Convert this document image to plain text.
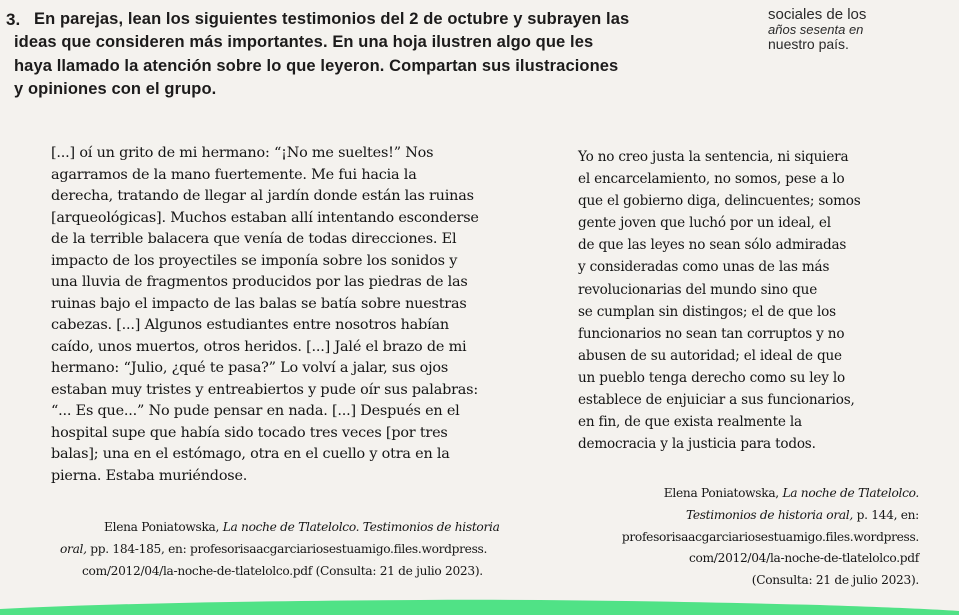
3. En parejas, lean los siguientes testimonios del 2 de octubre y subrayen las
ideas que consideren más importantes. En una hoja ilustren algo que les
haya llamado la atención sobre lo que leyeron. Compartan sus ilustraciones
y opiniones con el grupo.
sociales de los
años sesenta en
nuestro país.
[...] oí un grito de mi hermano: “¡No me sueltes!” Nos
agarramos de la mano fuertemente. Me fui hacia la
derecha, tratando de llegar al jardín donde están las ruinas
[arqueológicas]. Muchos estaban allí intentando esconderse
de la terrible balacera que venía de todas direcciones. El
impacto de los proyectiles se imponía sobre los sonidos y
una lluvia de fragmentos producidos por las piedras de las
ruinas bajo el impacto de las balas se batía sobre nuestras
cabezas. [...] Algunos estudiantes entre nosotros habían
caído, unos muertos, otros heridos. [...] Jalé el brazo de mi
hermano: “Julio, ¿qué te pasa?” Lo volví a jalar, sus ojos
estaban muy tristes y entreabiertos y pude oír sus palabras:
“... Es que...” No pude pensar en nada. [...] Después en el
hospital supe que había sido tocado tres veces [por tres
balas]; una en el estómago, otra en el cuello y otra en la
pierna. Estaba muriéndose.
Elena Poniatowska, La noche de Tlatelolco. Testimonios de historia
oral, pp. 184-185, en: profesorisaacgarciariosestuamigo.files.wordpress.
com/2012/04/la-noche-de-tlatelolco.pdf (Consulta: 21 de julio 2023).
Yo no creo justa la sentencia, ni siquiera
el encarcelamiento, no somos, pese a lo
que el gobierno diga, delincuentes; somos
gente joven que luchó por un ideal, el
de que las leyes no sean sólo admiradas
y consideradas como unas de las más
revolucionarias del mundo sino que
se cumplan sin distingos; el de que los
funcionarios no sean tan corruptos y no
abusen de su autoridad; el ideal de que
un pueblo tenga derecho como su ley lo
establece de enjuiciar a sus funcionarios,
en fin, de que exista realmente la
democracia y la justicia para todos.
Elena Poniatowska, La noche de Tlatelolco.
Testimonios de historia oral, p. 144, en:
profesorisaacgarciariosestuamigo.files.wordpress.
com/2012/04/la-noche-de-tlatelolco.pdf
(Consulta: 21 de julio 2023).
